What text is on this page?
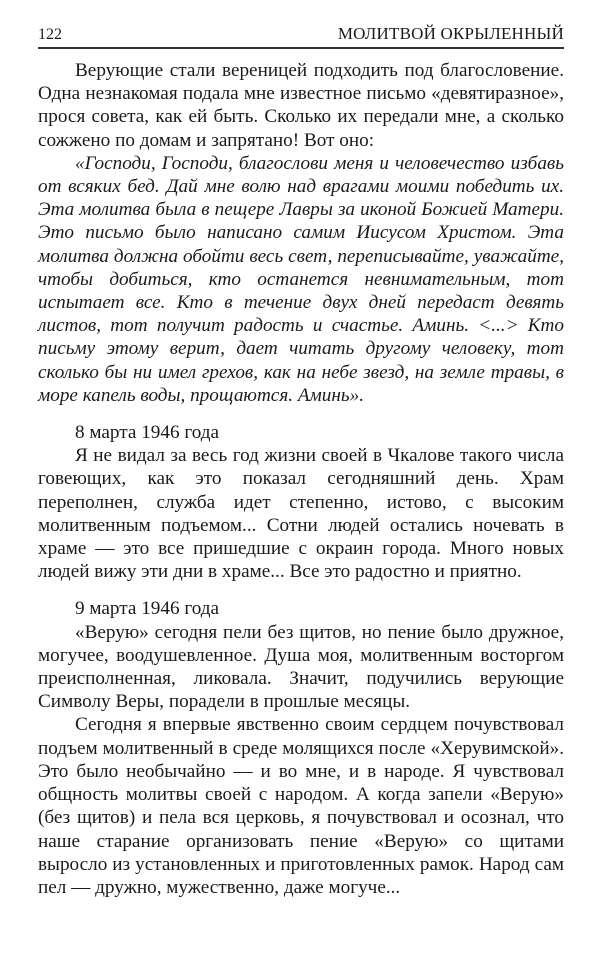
122	МОЛИТВОЙ ОКРЫЛЕННЫЙ

Верующие стали вереницей подходить под благословение. Одна незнакомая подала мне известное письмо «девятиразное», прося совета, как ей быть. Сколько их передали мне, а сколько сожжено по домам и запрятано! Вот оно:

«Господи, Господи, благослови меня и человечество избавь от всяких бед. Дай мне волю над врагами моими победить их. Эта молитва была в пещере Лавры за иконой Божией Матери. Это письмо было написано самим Иисусом Христом. Эта молитва должна обойти весь свет, переписывайте, уважайте, чтобы добиться, кто останется невнимательным, тот испытает все. Кто в течение двух дней передаст девять листов, тот получит радость и счастье. Аминь. <...> Кто письму этому верит, дает читать другому человеку, тот сколько бы ни имел грехов, как на небе звезд, на земле травы, в море капель воды, прощаются. Аминь».

8 марта 1946 года

Я не видал за весь год жизни своей в Чкалове такого числа говеющих, как это показал сегодняшний день. Храм переполнен, служба идет степенно, истово, с высоким молитвенным подъемом... Сотни людей остались ночевать в храме — это все пришедшие с окраин города. Много новых людей вижу эти дни в храме... Все это радостно и приятно.

9 марта 1946 года

«Верую» сегодня пели без щитов, но пение было дружное, могучее, воодушевленное. Душа моя, молитвенным восторгом преисполненная, ликовала. Значит, подучились верующие Символу Веры, порадели в прошлые месяцы.

Сегодня я впервые явственно своим сердцем почувствовал подъем молитвенный в среде молящихся после «Херувимской». Это было необычайно — и во мне, и в народе. Я чувствовал общность молитвы своей с народом. А когда запели «Верую» (без щитов) и пела вся церковь, я почувствовал и осознал, что наше старание организовать пение «Верую» со щитами выросло из установленных и приготовленных рамок. Народ сам пел — дружно, мужественно, даже могуче...
